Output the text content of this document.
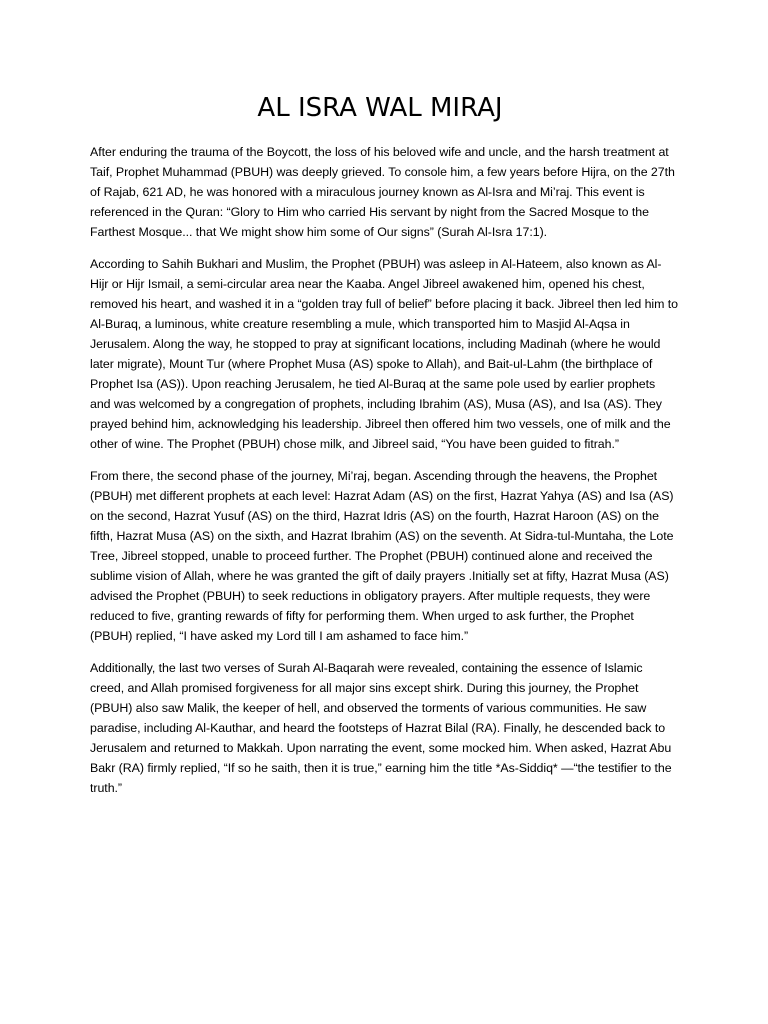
AL ISRA WAL MIRAJ

After enduring the trauma of the Boycott, the loss of his beloved wife and uncle, and the harsh treatment at Taif, Prophet Muhammad (PBUH) was deeply grieved. To console him, a few years before Hijra, on the 27th of Rajab, 621 AD, he was honored with a miraculous journey known as Al-Isra and Mi’raj. This event is referenced in the Quran: “Glory to Him who carried His servant by night from the Sacred Mosque to the Farthest Mosque... that We might show him some of Our signs” (Surah Al-Isra 17:1).

According to Sahih Bukhari and Muslim, the Prophet (PBUH) was asleep in Al-Hateem, also known as Al-Hijr or Hijr Ismail, a semi-circular area near the Kaaba. Angel Jibreel awakened him, opened his chest, removed his heart, and washed it in a “golden tray full of belief” before placing it back. Jibreel then led him to Al-Buraq, a luminous, white creature resembling a mule, which transported him to Masjid Al-Aqsa in Jerusalem. Along the way, he stopped to pray at significant locations, including Madinah (where he would later migrate), Mount Tur (where Prophet Musa (AS) spoke to Allah), and Bait-ul-Lahm (the birthplace of Prophet Isa (AS)). Upon reaching Jerusalem, he tied Al-Buraq at the same pole used by earlier prophets and was welcomed by a congregation of prophets, including Ibrahim (AS), Musa (AS), and Isa (AS). They prayed behind him, acknowledging his leadership. Jibreel then offered him two vessels, one of milk and the other of wine. The Prophet (PBUH) chose milk, and Jibreel said, “You have been guided to fitrah.”

From there, the second phase of the journey, Mi’raj, began. Ascending through the heavens, the Prophet (PBUH) met different prophets at each level: Hazrat Adam (AS) on the first, Hazrat Yahya (AS) and Isa (AS) on the second, Hazrat Yusuf (AS) on the third, Hazrat Idris (AS) on the fourth, Hazrat Haroon (AS) on the fifth, Hazrat Musa (AS) on the sixth, and Hazrat Ibrahim (AS) on the seventh. At Sidra-tul-Muntaha, the Lote Tree, Jibreel stopped, unable to proceed further. The Prophet (PBUH) continued alone and received the sublime vision of Allah, where he was granted the gift of daily prayers .Initially set at fifty, Hazrat Musa (AS) advised the Prophet (PBUH) to seek reductions in obligatory prayers. After multiple requests, they were reduced to five, granting rewards of fifty for performing them. When urged to ask further, the Prophet (PBUH) replied, “I have asked my Lord till I am ashamed to face him.”

Additionally, the last two verses of Surah Al-Baqarah were revealed, containing the essence of Islamic creed, and Allah promised forgiveness for all major sins except shirk. During this journey, the Prophet (PBUH) also saw Malik, the keeper of hell, and observed the torments of various communities. He saw paradise, including Al-Kauthar, and heard the footsteps of Hazrat Bilal (RA). Finally, he descended back to Jerusalem and returned to Makkah. Upon narrating the event, some mocked him. When asked, Hazrat Abu Bakr (RA) firmly replied, “If so he saith, then it is true,” earning him the title *As-Siddiq* —“the testifier to the truth.”
